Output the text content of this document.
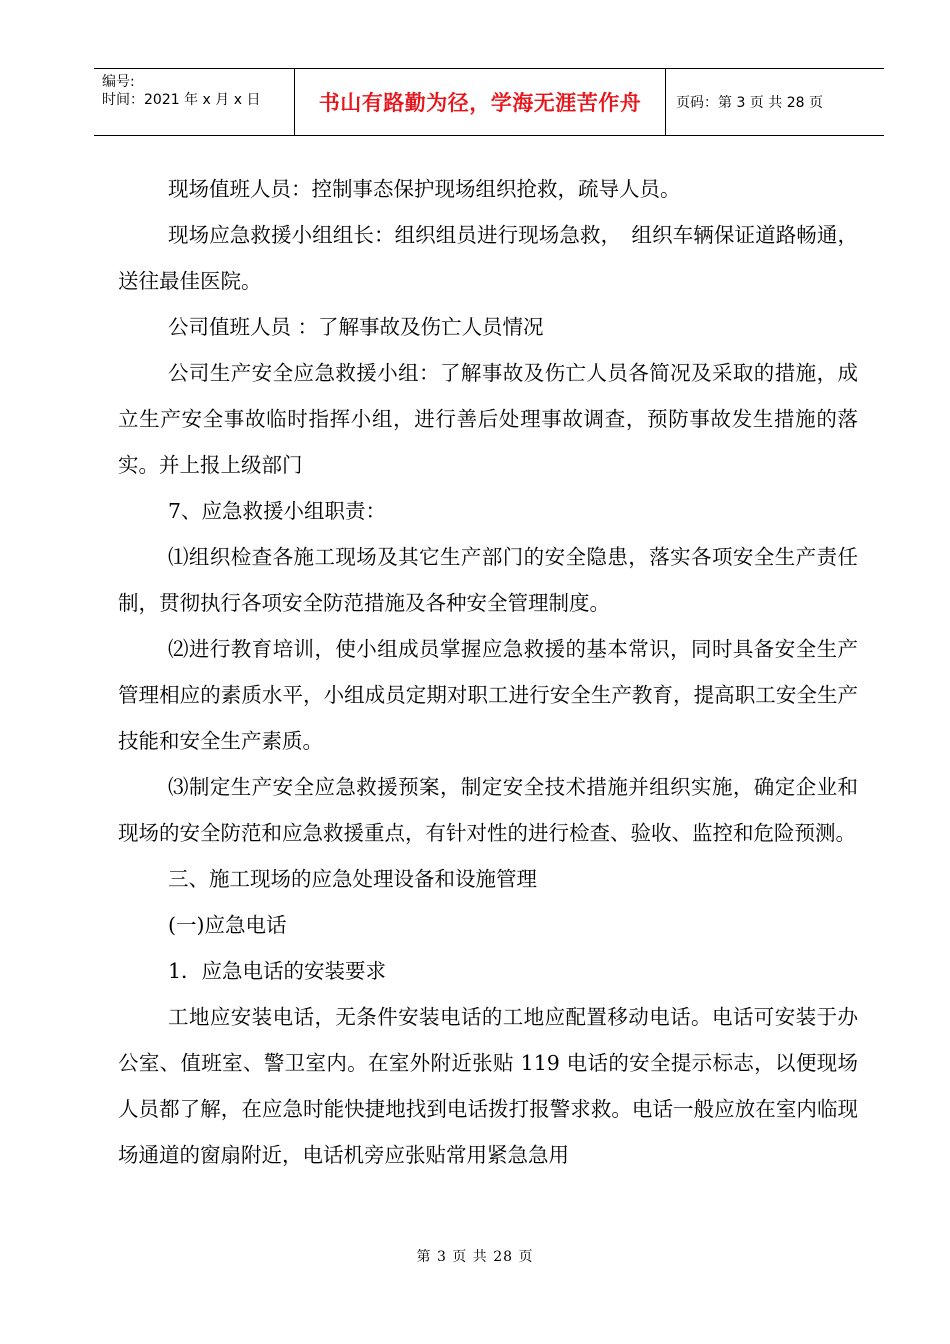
编号:
时间：2021 年 x 月 x 日	书山有路勤为径，学海无涯苦作舟 页码：第 3 页 共 28 页

现场值班人员：控制事态保护现场组织抢救，疏导人员。

现场应急救援小组组长：组织组员进行现场急救，　组织车辆保证道路畅通，送往最佳医院。

公司值班人员 ：了解事故及伤亡人员情况

公司生产安全应急救援小组：了解事故及伤亡人员各简况及采取的措施，成立生产安全事故临时指挥小组，进行善后处理事故调查，预防事故发生措施的落实。并上报上级部门

7、应急救援小组职责：

⑴组织检查各施工现场及其它生产部门的安全隐患，落实各项安全生产责任制，贯彻执行各项安全防范措施及各种安全管理制度。

⑵进行教育培训，使小组成员掌握应急救援的基本常识，同时具备安全生产管理相应的素质水平，小组成员定期对职工进行安全生产教育，提高职工安全生产技能和安全生产素质。

⑶制定生产安全应急救援预案，制定安全技术措施并组织实施，确定企业和现场的安全防范和应急救援重点，有针对性的进行检查、验收、监控和危险预测。

三、施工现场的应急处理设备和设施管理

(一)应急电话

1．应急电话的安装要求

工地应安装电话，无条件安装电话的工地应配置移动电话。电话可安装于办公室、值班室、警卫室内。在室外附近张贴 119 电话的安全提示标志，以便现场人员都了解，在应急时能快捷地找到电话拨打报警求救。电话一般应放在室内临现场通道的窗扇附近，电话机旁应张贴常用紧急急用

第 3 页 共 28 页
